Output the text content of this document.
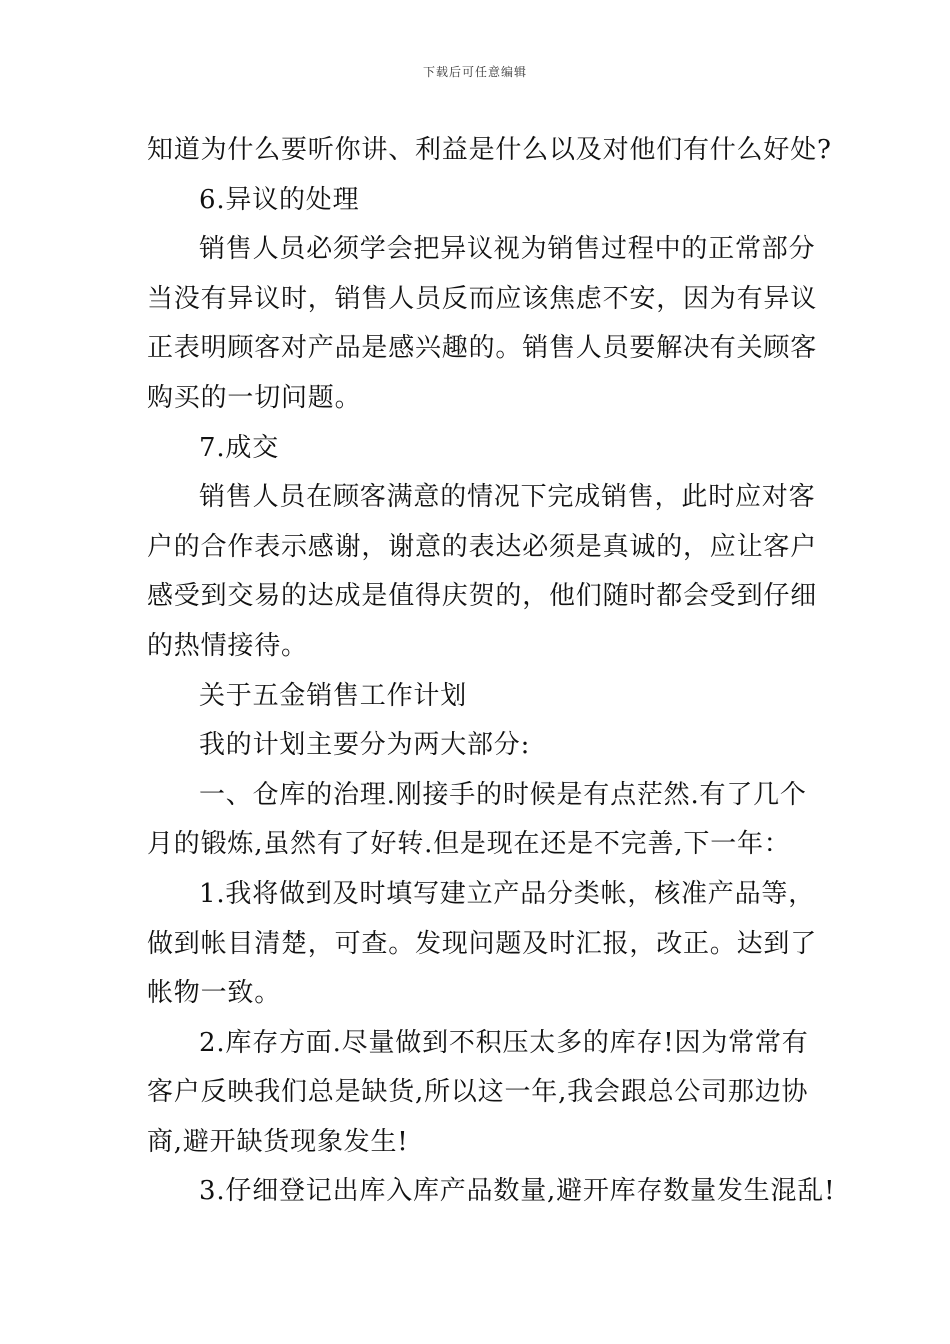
下载后可任意编辑
知道为什么要听你讲、利益是什么以及对他们有什么好处?
6.异议的处理
销售人员必须学会把异议视为销售过程中的正常部分
当没有异议时，销售人员反而应该焦虑不安，因为有异议
正表明顾客对产品是感兴趣的。销售人员要解决有关顾客
购买的一切问题。
7.成交
销售人员在顾客满意的情况下完成销售，此时应对客
户的合作表示感谢，谢意的表达必须是真诚的，应让客户
感受到交易的达成是值得庆贺的，他们随时都会受到仔细
的热情接待。
关于五金销售工作计划
我的计划主要分为两大部分:
一、仓库的治理.刚接手的时候是有点茫然.有了几个
月的锻炼,虽然有了好转.但是现在还是不完善,下一年：
1.我将做到及时填写建立产品分类帐，核准产品等，
做到帐目清楚，可查。发现问题及时汇报，改正。达到了
帐物一致。
2.库存方面.尽量做到不积压太多的库存!因为常常有
客户反映我们总是缺货,所以这一年,我会跟总公司那边协
商,避开缺货现象发生!
3.仔细登记出库入库产品数量,避开库存数量发生混乱!
